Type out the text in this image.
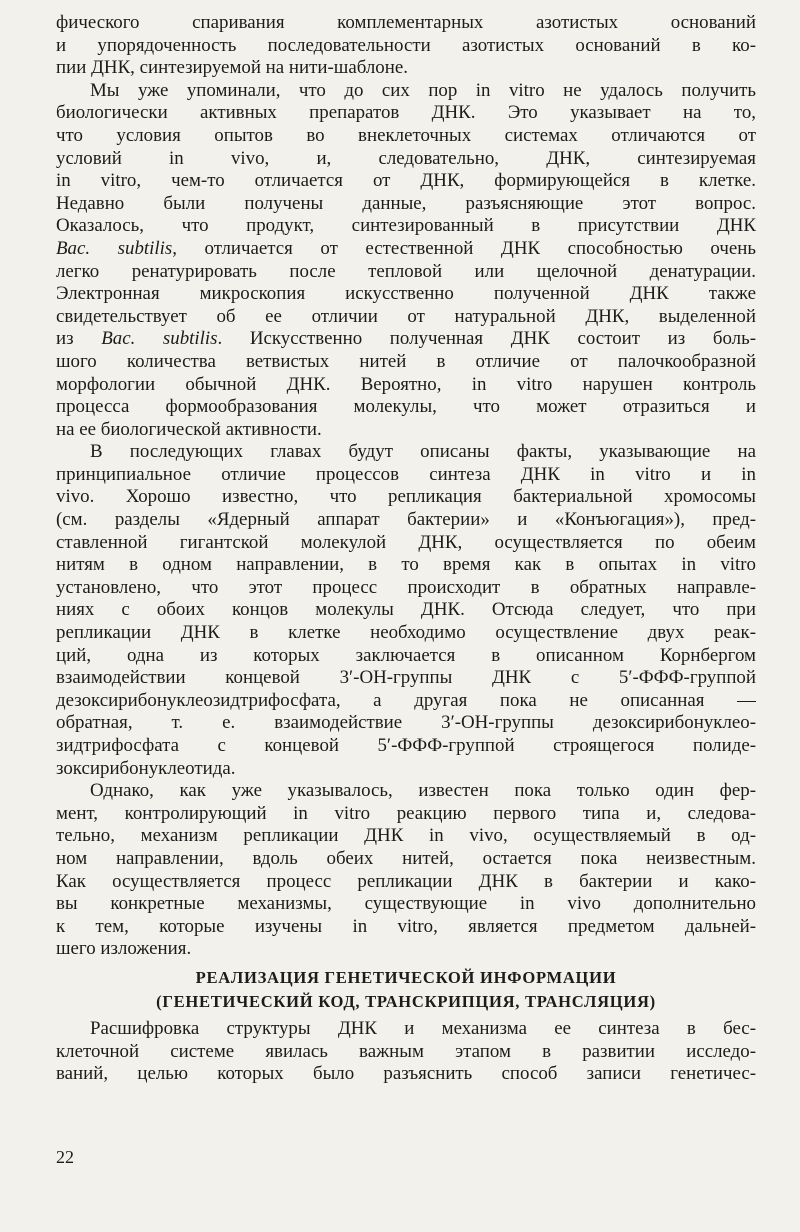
фического спаривания комплементарных азотистых оснований
и упорядоченность последовательности азотистых оснований в ко-
пии ДНК, синтезируемой на нити-шаблоне.
Мы уже упоминали, что до сих пор in vitro не удалось получить
биологически активных препаратов ДНК. Это указывает на то,
что условия опытов во внеклеточных системах отличаются от
условий in vivo, и, следовательно, ДНК, синтезируемая
in vitro, чем-то отличается от ДНК, формирующейся в клетке.
Недавно были получены данные, разъясняющие этот вопрос.
Оказалось, что продукт, синтезированный в присутствии ДНК
Bac. subtilis, отличается от естественной ДНК способностью очень
легко ренатурировать после тепловой или щелочной денатурации.
Электронная микроскопия искусственно полученной ДНК также
свидетельствует об ее отличии от натуральной ДНК, выделенной
из Bac. subtilis. Искусственно полученная ДНК состоит из боль-
шого количества ветвистых нитей в отличие от палочкообразной
морфологии обычной ДНК. Вероятно, in vitro нарушен контроль
процесса формообразования молекулы, что может отразиться и
на ее биологической активности.
В последующих главах будут описаны факты, указывающие на
принципиальное отличие процессов синтеза ДНК in vitro и in
vivo. Хорошо известно, что репликация бактериальной хромосомы
(см. разделы «Ядерный аппарат бактерии» и «Конъюгация»), пред-
ставленной гигантской молекулой ДНК, осуществляется по обеим
нитям в одном направлении, в то время как в опытах in vitro
установлено, что этот процесс происходит в обратных направле-
ниях с обоих концов молекулы ДНК. Отсюда следует, что при
репликации ДНК в клетке необходимо осуществление двух реак-
ций, одна из которых заключается в описанном Корнбергом
взаимодействии концевой 3′-ОН-группы ДНК с 5′-ФФФ-группой
дезоксирибонуклеозидтрифосфата, а другая пока не описанная —
обратная, т. е. взаимодействие 3′-ОН-группы дезоксирибонуклео-
зидтрифосфата с концевой 5′-ФФФ-группой строящегося полиде-
зоксирибонуклеотида.
Однако, как уже указывалось, известен пока только один фер-
мент, контролирующий in vitro реакцию первого типа и, следова-
тельно, механизм репликации ДНК in vivo, осуществляемый в од-
ном направлении, вдоль обеих нитей, остается пока неизвестным.
Как осуществляется процесс репликации ДНК в бактерии и како-
вы конкретные механизмы, существующие in vivo дополнительно
к тем, которые изучены in vitro, является предметом дальней-
шего изложения.
РЕАЛИЗАЦИЯ ГЕНЕТИЧЕСКОЙ ИНФОРМАЦИИ
(ГЕНЕТИЧЕСКИЙ КОД, ТРАНСКРИПЦИЯ, ТРАНСЛЯЦИЯ)
Расшифровка структуры ДНК и механизма ее синтеза в бес-
клеточной системе явилась важным этапом в развитии исследо-
ваний, целью которых было разъяснить способ записи генетичес-
22
